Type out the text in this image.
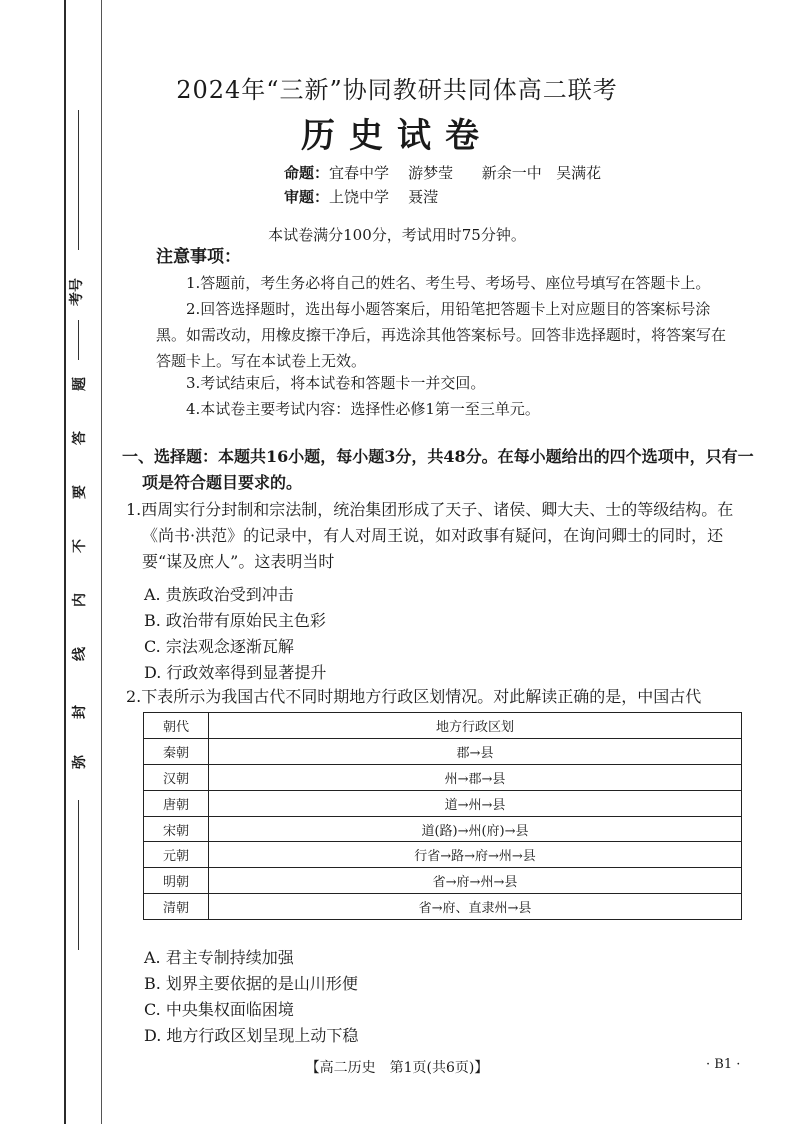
考号
题
答
要
不
内
线
封
弥
2024年“三新”协同教研共同体高二联考
历史试卷
命题：宜春中学 游梦莹 新余一中 吴满花
审题：上饶中学 聂滢
本试卷满分100分，考试用时75分钟。
注意事项：
1.答题前，考生务必将自己的姓名、考生号、考场号、座位号填写在答题卡上。
2.回答选择题时，选出每小题答案后，用铅笔把答题卡上对应题目的答案标号涂黑。如需改动，用橡皮擦干净后，再选涂其他答案标号。回答非选择题时，将答案写在答题卡上。写在本试卷上无效。
3.考试结束后，将本试卷和答题卡一并交回。
4.本试卷主要考试内容：选择性必修1第一至三单元。
一、选择题：本题共16小题，每小题3分，共48分。在每小题给出的四个选项中，只有一项是符合题目要求的。
1.西周实行分封制和宗法制，统治集团形成了天子、诸侯、卿大夫、士的等级结构。在《尚书·洪范》的记录中，有人对周王说，如对政事有疑问，在询问卿士的同时，还要“谋及庶人”。这表明当时
A. 贵族政治受到冲击
B. 政治带有原始民主色彩
C. 宗法观念逐渐瓦解
D. 行政效率得到显著提升
2.下表所示为我国古代不同时期地方行政区划情况。对此解读正确的是，中国古代
朝代	地方行政区划
秦朝	郡→县
汉朝	州→郡→县
唐朝	道→州→县
宋朝	道(路)→州(府)→县
元朝	行省→路→府→州→县
明朝	省→府→州→县
清朝	省→府、直隶州→县
A. 君主专制持续加强
B. 划界主要依据的是山川形便
C. 中央集权面临困境
D. 地方行政区划呈现上动下稳
【高二历史　第1页(共6页)】	· B1 ·
